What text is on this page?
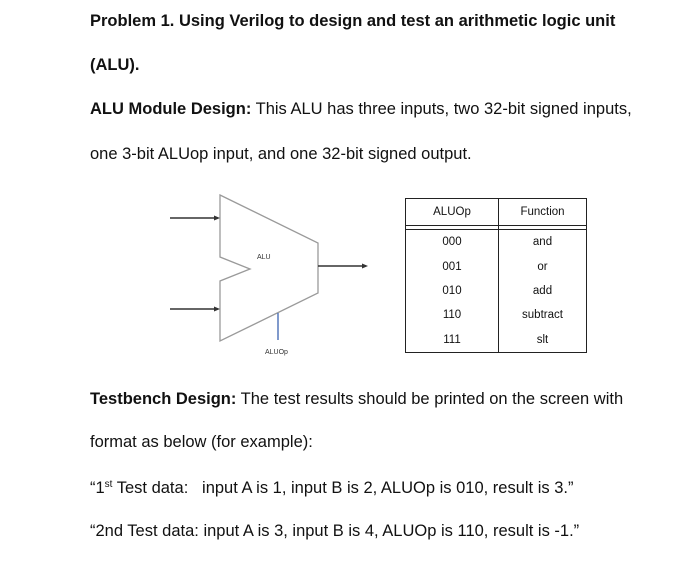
Problem 1. Using Verilog to design and test an arithmetic logic unit
(ALU).
ALU Module Design: This ALU has three inputs, two 32-bit signed inputs,
one 3-bit ALUop input, and one 32-bit signed output.
ALU
ALUOp
ALUOp	Function

000	and
001	or
010	add
110	subtract
111	slt
Testbench Design: The test results should be printed on the screen with
format as below (for example):
“1st Test data:   input A is 1, input B is 2, ALUOp is 010, result is 3.”
“2nd Test data: input A is 3, input B is 4, ALUOp is 110, result is -1.”
